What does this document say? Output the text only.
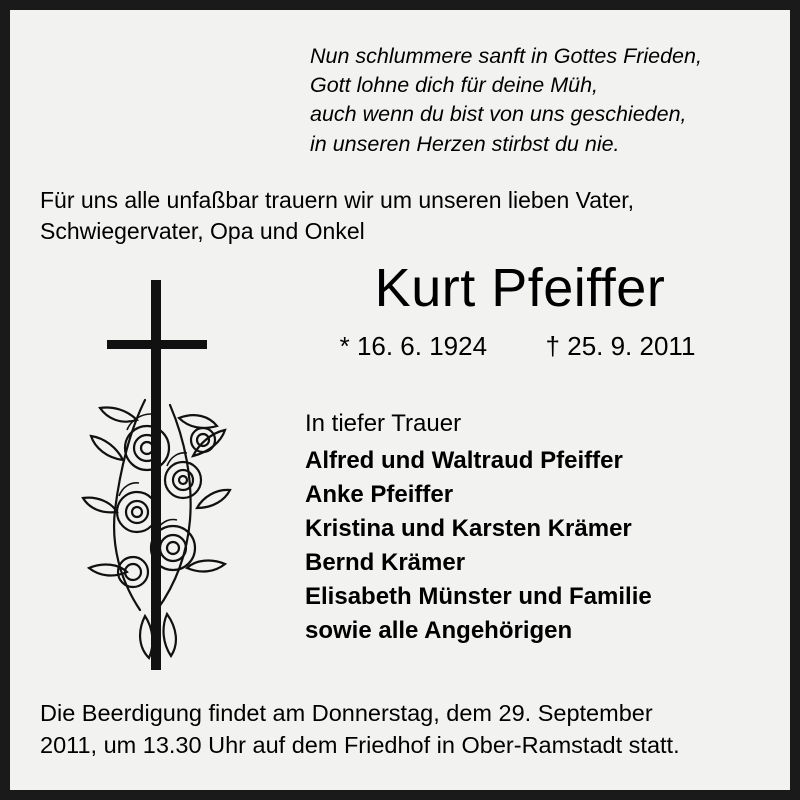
Nun schlummere sanft in Gottes Frieden,
Gott lohne dich für deine Müh,
auch wenn du bist von uns geschieden,
in unseren Herzen stirbst du nie.
Für uns alle unfaßbar trauern wir um unseren lieben Vater,
Schwiegervater, Opa und Onkel
Kurt Pfeiffer
* 16. 6. 1924 † 25. 9. 2011
In tiefer Trauer
Alfred und Waltraud Pfeiffer
Anke Pfeiffer
Kristina und Karsten Krämer
Bernd Krämer
Elisabeth Münster und Familie
sowie alle Angehörigen
Die Beerdigung findet am Donnerstag, dem 29. September
2011, um 13.30 Uhr auf dem Friedhof in Ober-Ramstadt statt.
